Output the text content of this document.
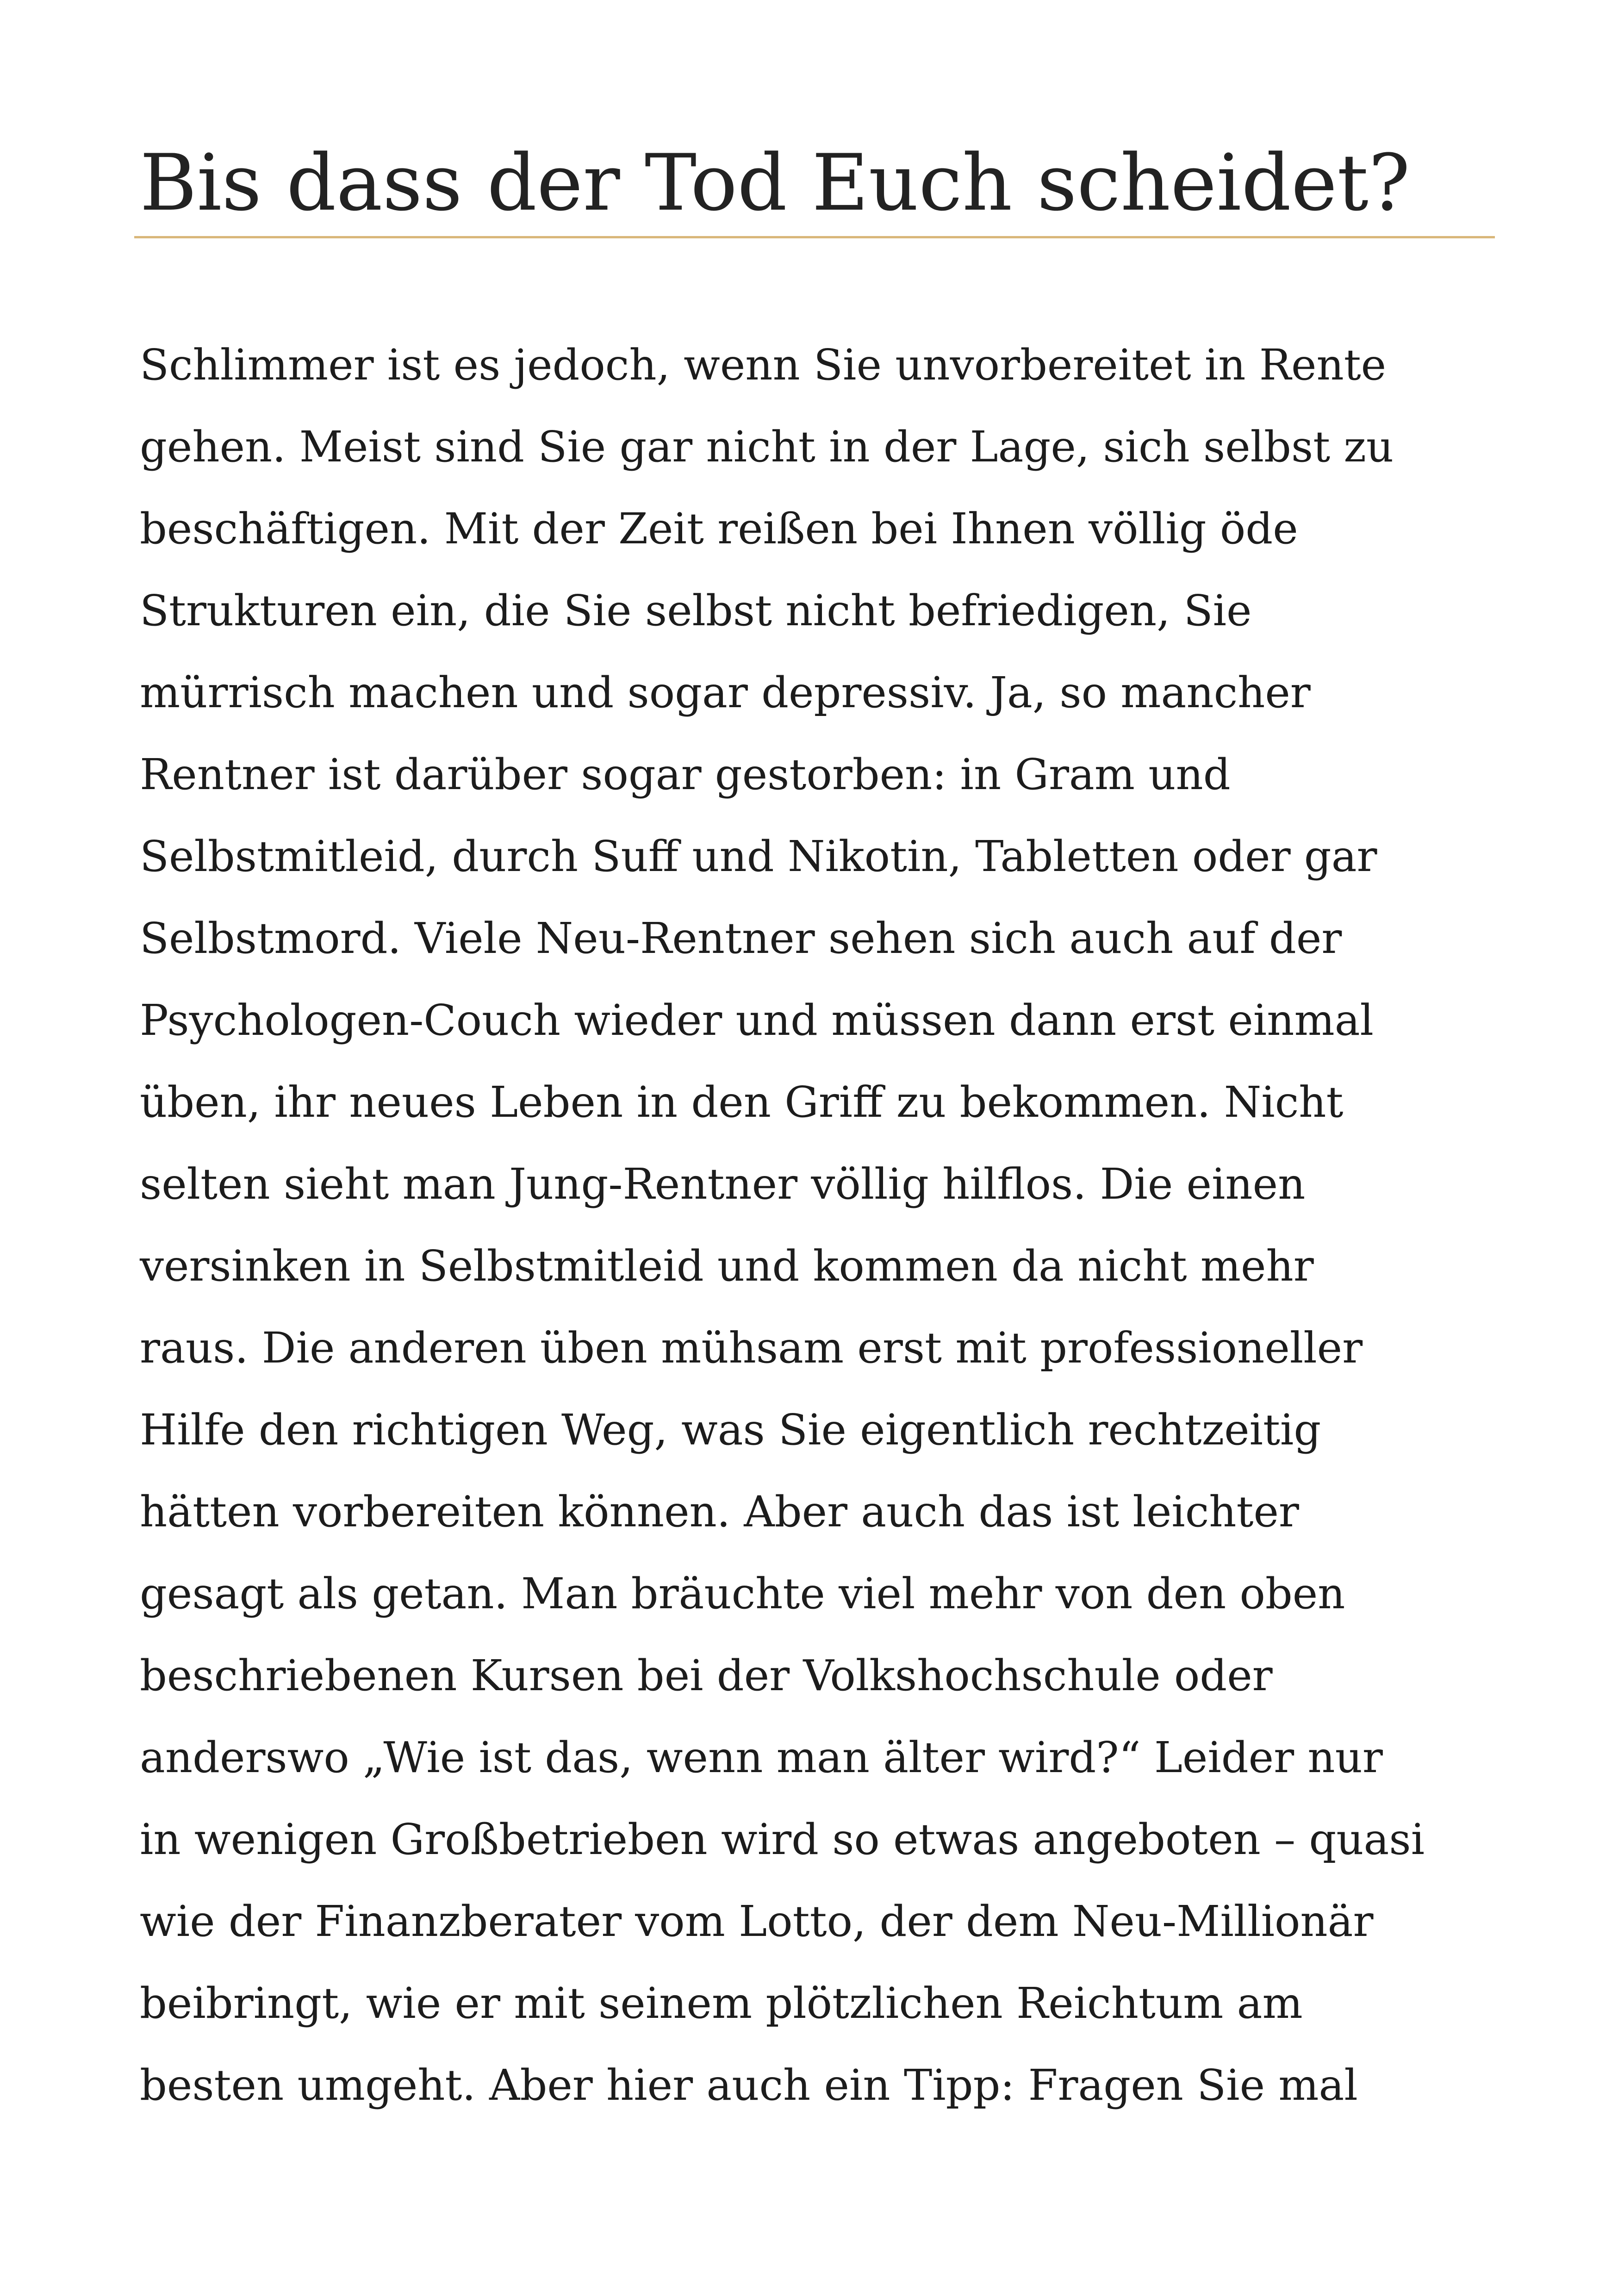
Bis dass der Tod Euch scheidet?
Schlimmer ist es jedoch, wenn Sie unvorbereitet in Rente
gehen. Meist sind Sie gar nicht in der Lage, sich selbst zu
beschäftigen. Mit der Zeit reißen bei Ihnen völlig öde
Strukturen ein, die Sie selbst nicht befriedigen, Sie
mürrisch machen und sogar depressiv. Ja, so mancher
Rentner ist darüber sogar gestorben: in Gram und
Selbstmitleid, durch Suff und Nikotin, Tabletten oder gar
Selbstmord. Viele Neu-Rentner sehen sich auch auf der
Psychologen-Couch wieder und müssen dann erst einmal
üben, ihr neues Leben in den Griff zu bekommen. Nicht
selten sieht man Jung-Rentner völlig hilflos. Die einen
versinken in Selbstmitleid und kommen da nicht mehr
raus. Die anderen üben mühsam erst mit professioneller
Hilfe den richtigen Weg, was Sie eigentlich rechtzeitig
hätten vorbereiten können. Aber auch das ist leichter
gesagt als getan. Man bräuchte viel mehr von den oben
beschriebenen Kursen bei der Volkshochschule oder
anderswo „Wie ist das, wenn man älter wird?“ Leider nur
in wenigen Großbetrieben wird so etwas angeboten – quasi
wie der Finanzberater vom Lotto, der dem Neu-Millionär
beibringt, wie er mit seinem plötzlichen Reichtum am
besten umgeht. Aber hier auch ein Tipp: Fragen Sie mal
